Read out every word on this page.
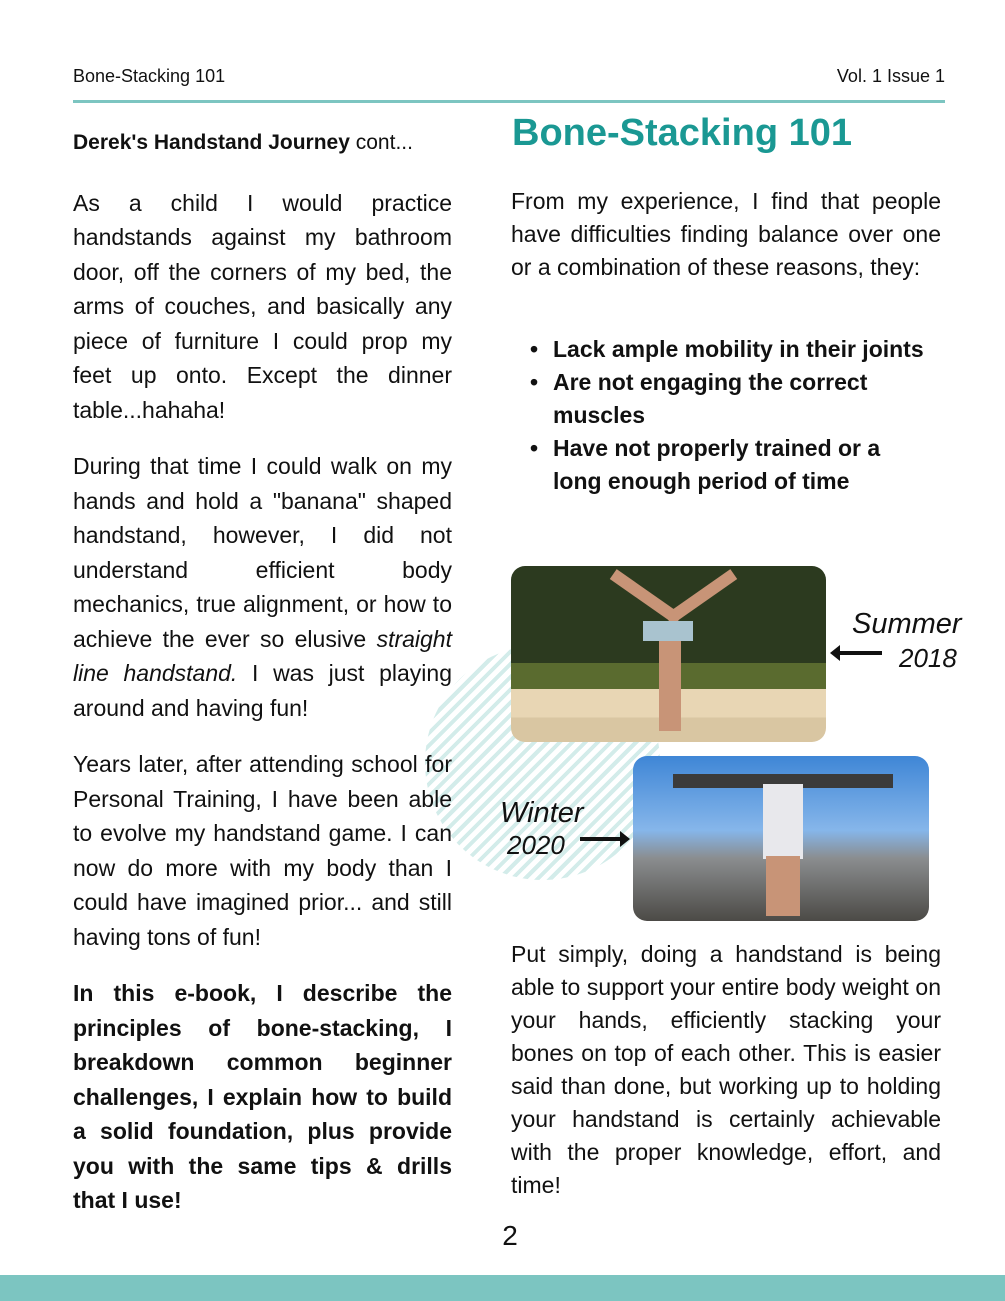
Bone-Stacking 101	Vol. 1 Issue 1

Derek's Handstand Journey cont...

As a child I would practice handstands against my bathroom door, off the corners of my bed, the arms of couches, and basically any piece of furniture I could prop my feet up onto. Except the dinner table...hahaha!

During that time I could walk on my hands and hold a "banana" shaped handstand, however, I did not understand efficient body mechanics, true alignment, or how to achieve the ever so elusive straight line handstand. I was just playing around and having fun!

Years later, after attending school for Personal Training, I have been able to evolve my handstand game. I can now do more with my body than I could have imagined prior... and still having tons of fun!

In this e-book, I describe the principles of bone-stacking, I breakdown common beginner challenges, I explain how to build a solid foundation, plus provide you with the same tips & drills that I use!

Bone-Stacking 101
From my experience, I find that people have difficulties finding balance over one or a combination of these reasons, they:
• Lack ample mobility in their joints
• Are not engaging the correct muscles
• Have not properly trained or a long enough period of time
Summer
2018
Winter
2020
Put simply, doing a handstand is being able to support your entire body weight on your hands, efficiently stacking your bones on top of each other. This is easier said than done, but working up to holding your handstand is certainly achievable with the proper knowledge, effort, and time!
2
